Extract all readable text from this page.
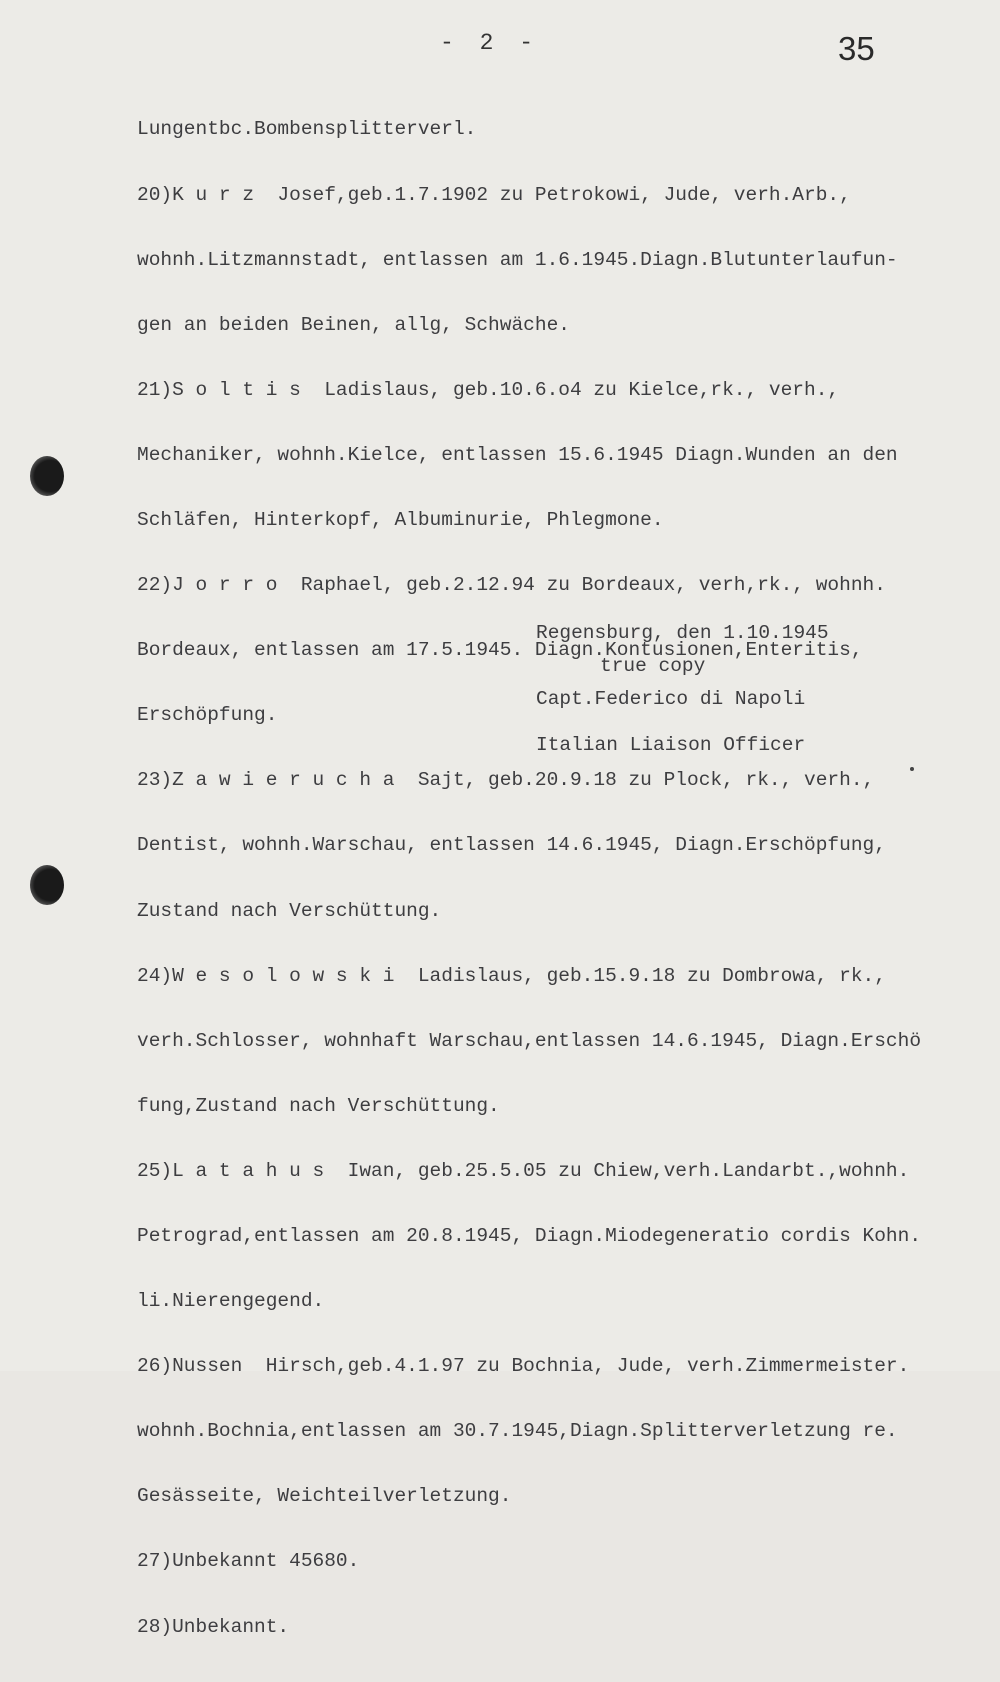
- 2 -	35

Lungentbc.Bombensplitterverl.

20)K u r z  Josef,geb.1.7.1902 zu Petrokowi, Jude, verh.Arb.,

wohnh.Litzmannstadt, entlassen am 1.6.1945.Diagn.Blutunterlaufun-

gen an beiden Beinen, allg, Schwäche.

21)S o l t i s  Ladislaus, geb.10.6.o4 zu Kielce,rk., verh.,

Mechaniker, wohnh.Kielce, entlassen 15.6.1945 Diagn.Wunden an den

Schläfen, Hinterkopf, Albuminurie, Phlegmone.

22)J o r r o  Raphael, geb.2.12.94 zu Bordeaux, verh,rk., wohnh.

Bordeaux, entlassen am 17.5.1945. Diagn.Kontusionen,Enteritis,

Erschöpfung.

23)Z a w i e r u c h a  Sajt, geb.20.9.18 zu Plock, rk., verh.,

Dentist, wohnh.Warschau, entlassen 14.6.1945, Diagn.Erschöpfung,

Zustand nach Verschüttung.

24)W e s o l o w s k i  Ladislaus, geb.15.9.18 zu Dombrowa, rk.,

verh.Schlosser, wohnhaft Warschau,entlassen 14.6.1945, Diagn.Erschö

fung,Zustand nach Verschüttung.

25)L a t a h u s  Iwan, geb.25.5.05 zu Chiew,verh.Landarbt.,wohnh.

Petrograd,entlassen am 20.8.1945, Diagn.Miodegeneratio cordis Kohn.

li.Nierengegend.

26)Nussen  Hirsch,geb.4.1.97 zu Bochnia, Jude, verh.Zimmermeister.

wohnh.Bochnia,entlassen am 30.7.1945,Diagn.Splitterverletzung re.

Gesässeite, Weichteilverletzung.

27)Unbekannt 45680.

28)Unbekannt.

Regensburg, den 1.10.1945

true copy

Capt.Federico di Napoli

Italian Liaison Officer
